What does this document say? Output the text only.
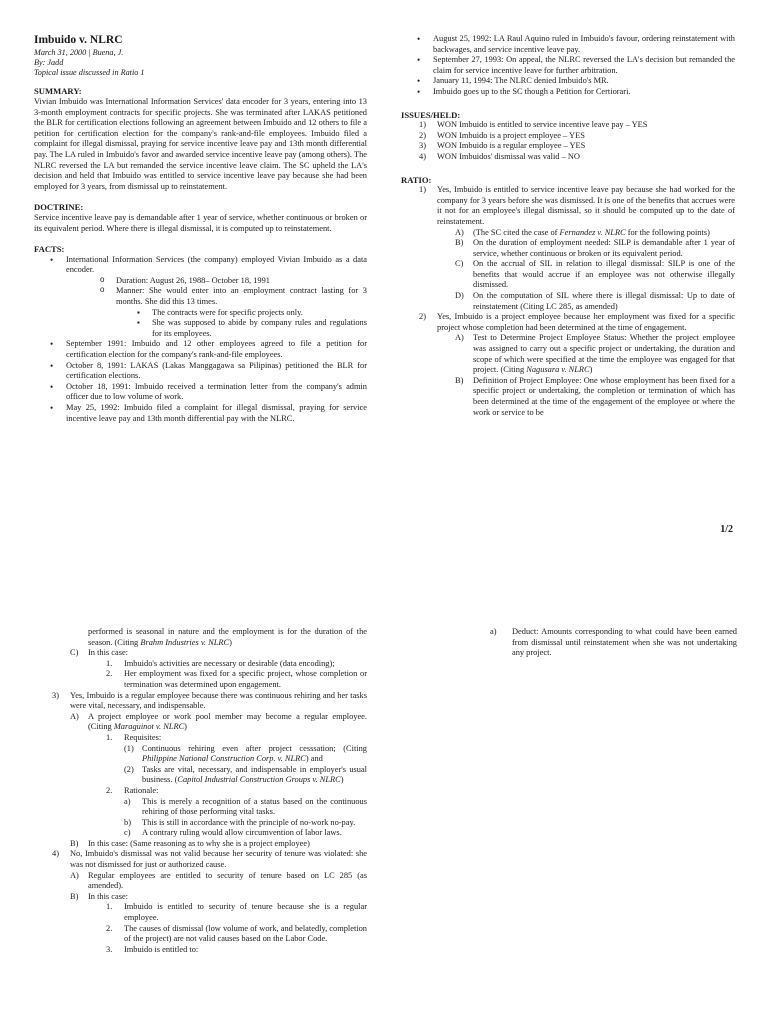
Imbuido v. NLRC
March 31, 2000 | Buena, J.
By: Jadd
Topical issue discussed in Ratio 1
SUMMARY:

Vivian Imbuido was International Information Services' data encoder for 3 years, entering into 13 3-month employment contracts for specific projects. She was terminated after LAKAS petitioned the BLR for certification elections following an agreement between Imbuido and 12 others to file a petition for certification election for the company's rank-and-file employees. Imbuido filed a complaint for illegal dismissal, praying for service incentive leave pay and 13th month differential pay. The LA ruled in Imbuido's favor and awarded service incentive leave pay (among others). The NLRC reversed the LA but remanded the service incentive leave claim. The SC upheld the LA's decision and held that Imbuido was entitled to service incentive leave pay because she had been employed for 3 years, from dismissal up to reinstatement.

DOCTRINE:

Service incentive leave pay is demandable after 1 year of service, whether continuous or broken or its equivalent period. Where there is illegal dismissal, it is computed up to reinstatement.

FACTS:
• International Information Services (the company) employed Vivian Imbuido as a data encoder.
o Duration: August 26, 1988– October 18, 1991
o Manner: She would enter into an employment contract lasting for 3 months. She did this 13 times.
▪ The contracts were for specific projects only.
▪ She was supposed to abide by company rules and regulations for its employees.
• September 1991: Imbuido and 12 other employees agreed to file a petition for certification election for the company's rank-and-file employees.
• October 8, 1991: LAKAS (Lakas Manggagawa sa Pilipinas) petitioned the BLR for certification elections.
• October 18, 1991: Imbuido received a termination letter from the company's admin officer due to low volume of work.
• May 25, 1992: Imbuido filed a complaint for illegal dismissal, praying for service incentive leave pay and 13th month differential pay with the NLRC.
• August 25, 1992: LA Raul Aquino ruled in Imbuido's favour, ordering reinstatement with backwages, and service incentive leave pay.
• September 27, 1993: On appeal, the NLRC reversed the LA's decision but remanded the claim for service incentive leave for further arbitration.
• January 11, 1994: The NLRC denied Imbuido's MR.
• Imbuido goes up to the SC though a Petition for Certiorari.
ISSUES/HELD:
1) WON Imbuido is entitled to service incentive leave pay – YES
2) WON Imbuido is a project employee – YES
3) WON Imbuido is a regular employee – YES
4) WON Imbuidos' dismissal was valid – NO
RATIO:
1) Yes, Imbuido is entitled to service incentive leave pay because she had worked for the company for 3 years before she was dismissed. It is one of the benefits that accrues were it not for an employee's illegal dismissal, so it should be computed up to the date of reinstatement.
A) (The SC cited the case of Fernandez v. NLRC for the following points)
B) On the duration of employment needed: SILP is demandable after 1 year of service, whether continuous or broken or its equivalent period.
C) On the accrual of SIL in relation to illegal dismissal: SILP is one of the benefits that would accrue if an employee was not otherwise illegally dismissed.
D) On the computation of SIL where there is illegal dismissal: Up to date of reinstatement (Citing LC 285, as amended)
2) Yes, Imbuido is a project employee because her employment was fixed for a specific project whose completion had been determined at the time of engagement.
A) Test to Determine Project Employee Status: Whether the project employee was assigned to carry out a specific project or undertaking, the duration and scope of which were specified at the time the employee was engaged for that project. (Citing Nagusara v. NLRC)
B) Definition of Project Employee: One whose employment has been fixed for a specific project or undertaking, the completion or termination of which has been determined at the time of the engagement of the employee or where the work or service to be
1/2
performed is seasonal in nature and the employment is for the duration of the season. (Citing Brahm Industries v. NLRC)
C) In this case:
1. Imbuido's activities are necessary or desirable (data encoding);
2. Her employment was fixed for a specific project, whose completion or termination was determined upon engagement.
3) Yes, Imbuido is a regular employee because there was continuous rehiring and her tasks were vital, necessary, and indispensable.
A) A project employee or work pool member may become a regular employee. (Citing Maraguinot v. NLRC)
1. Requisites:
(1) Continuous rehiring even after project cesssation; (Citing Philippine National Construction Corp. v. NLRC) and
(2) Tasks are vital, necessary, and indispensable in employer's usual business. (Capitol Industrial Construction Groups v. NLRC)
2. Rationale:
a) This is merely a recognition of a status based on the continuous rehiring of those performing vital tasks.
b) This is still in accordance with the principle of no-work no-pay.
c) A contrary ruling would allow circumvention of labor laws.
B) In this case: (Same reasoning as to why she is a project employee)
4) No, Imbuido's dismissal was not valid because her security of tenure was violated: she was not dismissed for just or authorized cause.
A) Regular employees are entitled to security of tenure based on LC 285 (as amended).
B) In this case:
1. Imbuido is entitled to security of tenure because she is a regular employee.
2. The causes of dismissal (low volume of work, and belatedly, completion of the project) are not valid causes based on the Labor Code.
3. Imbuido is entitled to:
a) Deduct: Amounts corresponding to what could have been earned from dismissal until reinstatement when she was not undertaking any project.
